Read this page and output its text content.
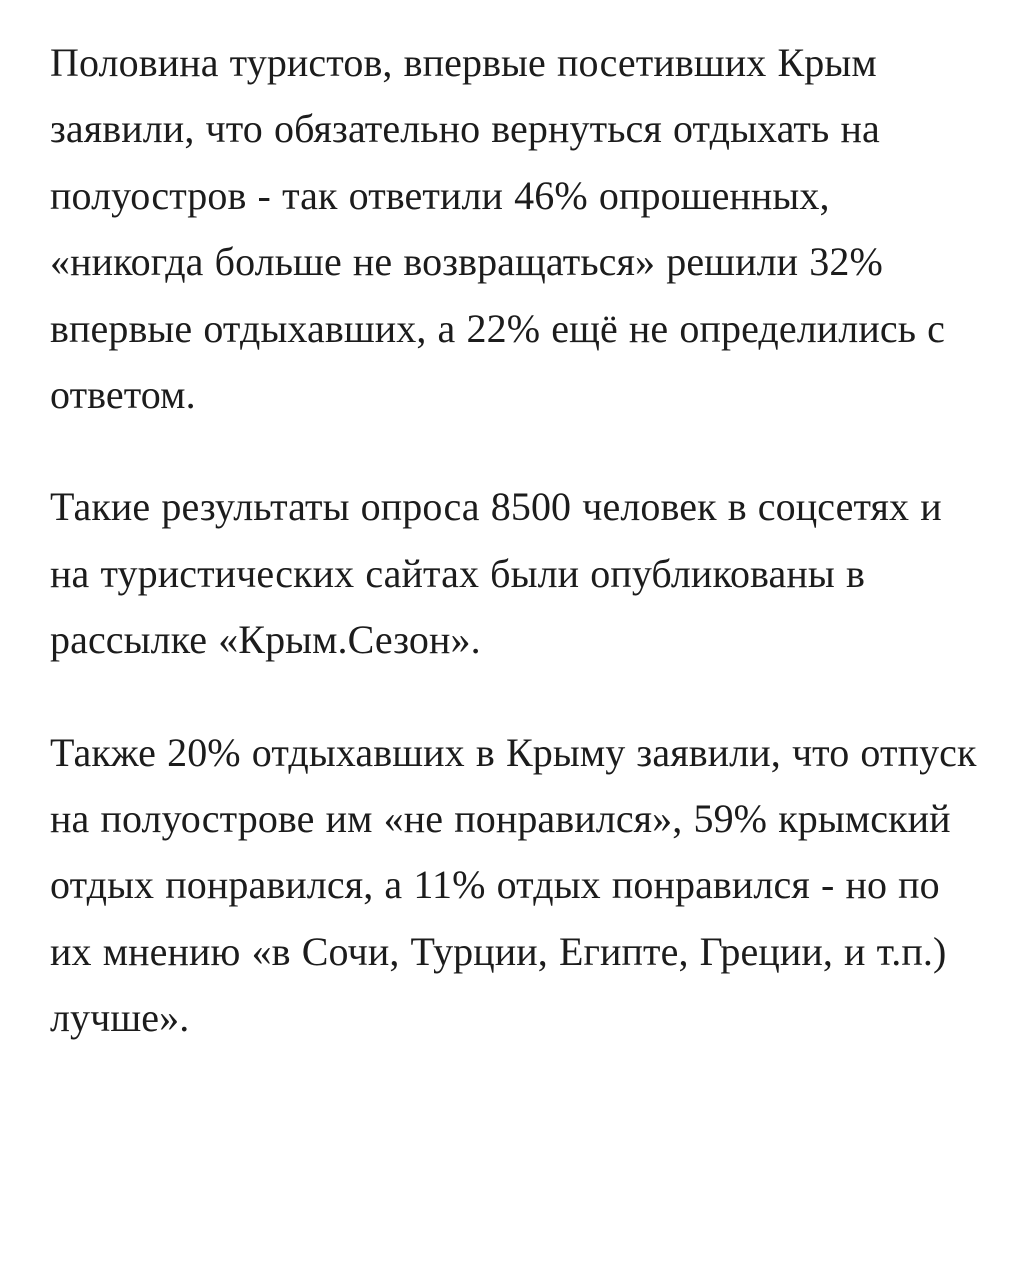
Половина туристов, впервые посетивших Крым заявили, что обязательно вернуться отдыхать на полуостров - так ответили 46% опрошенных, «никогда больше не возвращаться» решили 32% впервые отдыхавших, а 22% ещё не определились с ответом.

Такие результаты опроса 8500 человек в соцсетях и на туристических сайтах были опубликованы в рассылке «Крым.Сезон».

Также 20% отдыхавших в Крыму заявили, что отпуск на полуострове им «не понравился», 59% крымский отдых понравился, а 11% отдых понравился - но по их мнению «в Сочи, Турции, Египте, Греции, и т.п.) лучше».
